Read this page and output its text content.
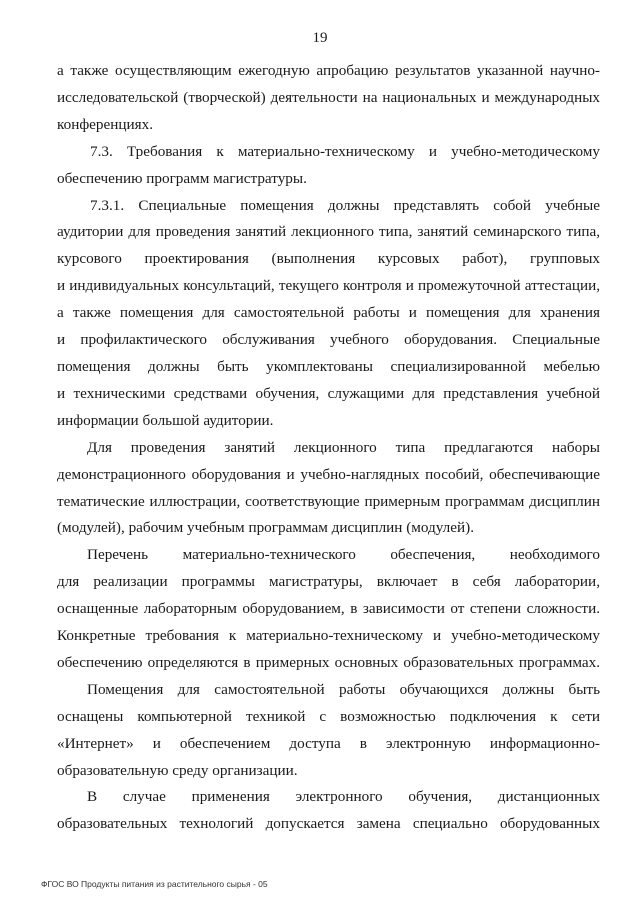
19
а также осуществляющим ежегодную апробацию результатов указанной научно-
исследовательской (творческой) деятельности на национальных и международных
конференциях.
7.3. Требования к материально-техническому и учебно-методическому
обеспечению программ магистратуры.
7.3.1. Специальные помещения должны представлять собой учебные
аудитории для проведения занятий лекционного типа, занятий семинарского типа,
курсового проектирования (выполнения курсовых работ), групповых
и индивидуальных консультаций, текущего контроля и промежуточной аттестации,
а также помещения для самостоятельной работы и помещения для хранения
и профилактического обслуживания учебного оборудования. Специальные
помещения должны быть укомплектованы специализированной мебелью
и техническими средствами обучения, служащими для представления учебной
информации большой аудитории.
Для проведения занятий лекционного типа предлагаются наборы
демонстрационного оборудования и учебно-наглядных пособий, обеспечивающие
тематические иллюстрации, соответствующие примерным программам дисциплин
(модулей), рабочим учебным программам дисциплин (модулей).
Перечень материально-технического обеспечения, необходимого
для реализации программы магистратуры, включает в себя лаборатории,
оснащенные лабораторным оборудованием, в зависимости от степени сложности.
Конкретные требования к материально-техническому и учебно-методическому
обеспечению определяются в примерных основных образовательных программах.
Помещения для самостоятельной работы обучающихся должны быть
оснащены компьютерной техникой с возможностью подключения к сети
«Интернет» и обеспечением доступа в электронную информационно-
образовательную среду организации.
В случае применения электронного обучения, дистанционных
образовательных технологий допускается замена специально оборудованных
ФГОС ВО Продукты питания из растительного сырья - 05
